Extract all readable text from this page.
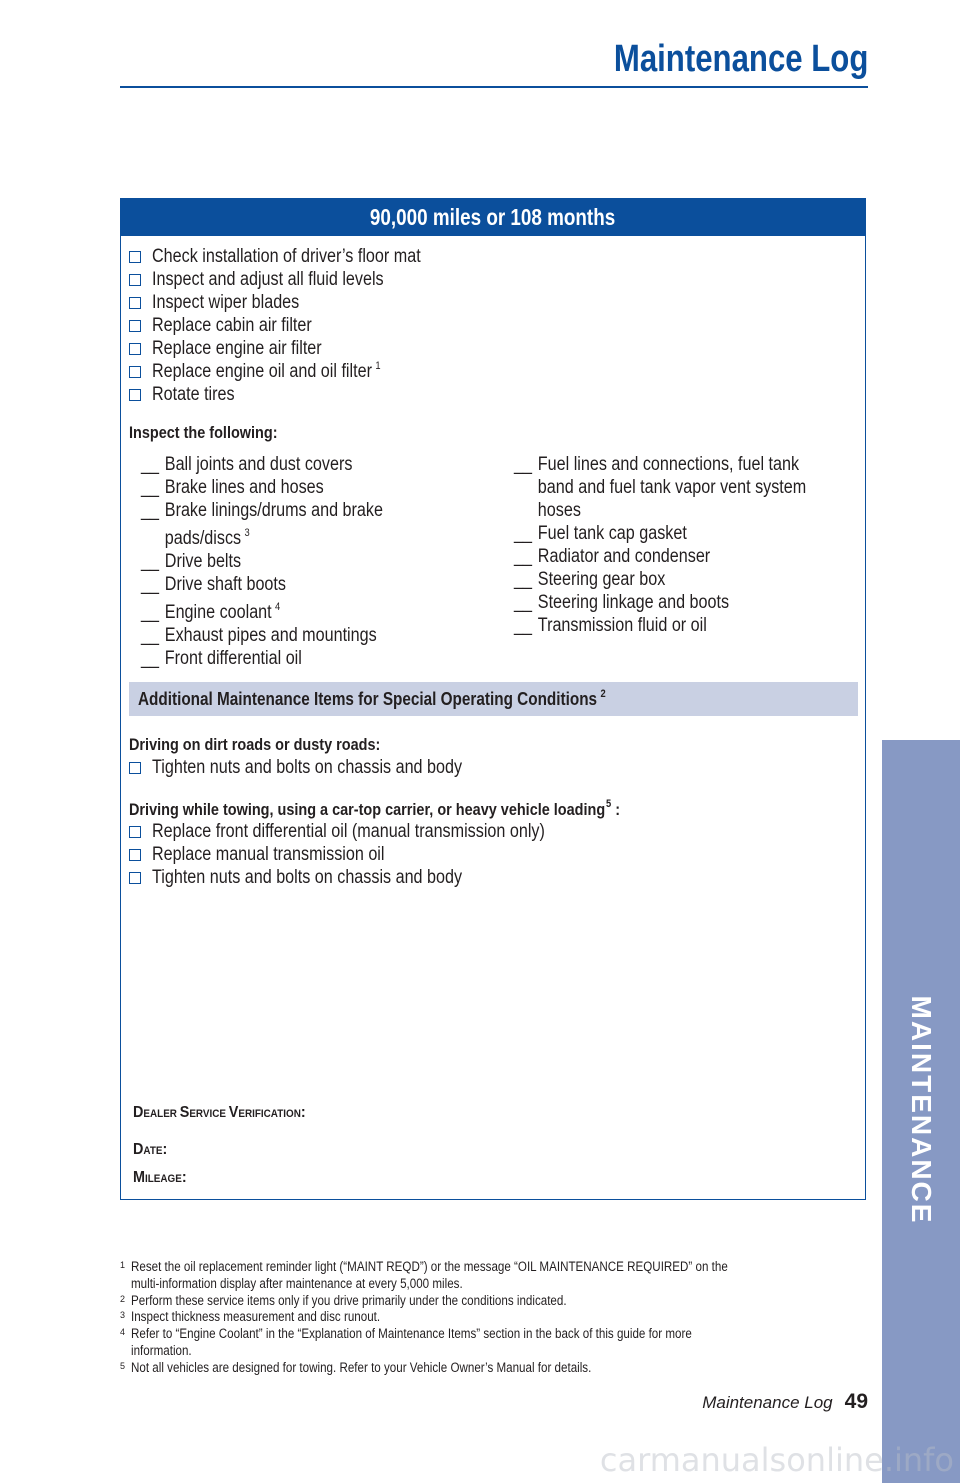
Maintenance Log
90,000 miles or 108 months
Check installation of driver’s floor mat
Inspect and adjust all fluid levels
Inspect wiper blades
Replace cabin air filter
Replace engine air filter
Replace engine oil and oil filter $^1$
Rotate tires
Inspect the following:
__ Ball joints and dust covers
__ Brake lines and hoses
__ Brake linings/drums and brake
pads/discs $^3$
__ Drive belts
__ Drive shaft boots
__ Engine coolant $^4$
__ Exhaust pipes and mountings
__ Front differential oil
__ Fuel lines and connections, fuel tank
band and fuel tank vapor vent system
hoses
__ Fuel tank cap gasket
__ Radiator and condenser
__ Steering gear box
__ Steering linkage and boots
__ Transmission fluid or oil
Additional Maintenance Items for Special Operating Conditions $^2$
Driving on dirt roads or dusty roads:
Tighten nuts and bolts on chassis and body
Driving while towing, using a car-top carrier, or heavy vehicle loading$^5$ :
Replace front differential oil (manual transmission only)
Replace manual transmission oil
Tighten nuts and bolts on chassis and body
DEALER SERVICE VERIFICATION:
DATE:
MILEAGE:
1 Reset the oil replacement reminder light (“MAINT REQD”) or the message “OIL MAINTENANCE REQUIRED” on the
multi-information display after maintenance at every 5,000 miles.
2 Perform these service items only if you drive primarily under the conditions indicated.
3 Inspect thickness measurement and disc runout.
4 Refer to “Engine Coolant” in the “Explanation of Maintenance Items” section in the back of this guide for more
information.
5 Not all vehicles are designed for towing. Refer to your Vehicle Owner’s Manual for details.
Maintenance Log 49
MAINTENANCE
carmanualsonline.info
